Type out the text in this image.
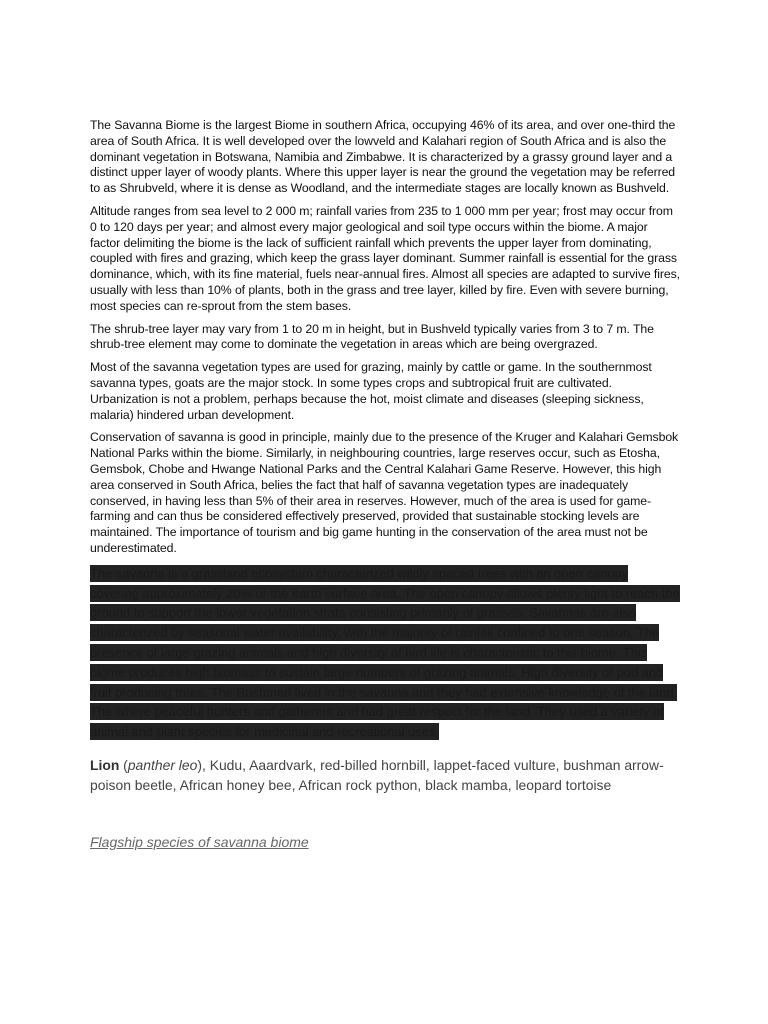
The Savanna Biome is the largest Biome in southern Africa, occupying 46% of its area, and over one-third the area of South Africa. It is well developed over the lowveld and Kalahari region of South Africa and is also the dominant vegetation in Botswana, Namibia and Zimbabwe. It is characterized by a grassy ground layer and a distinct upper layer of woody plants. Where this upper layer is near the ground the vegetation may be referred to as Shrubveld, where it is dense as Woodland, and the intermediate stages are locally known as Bushveld.

Altitude ranges from sea level to 2 000 m; rainfall varies from 235 to 1 000 mm per year; frost may occur from 0 to 120 days per year; and almost every major geological and soil type occurs within the biome. A major factor delimiting the biome is the lack of sufficient rainfall which prevents the upper layer from dominating, coupled with fires and grazing, which keep the grass layer dominant. Summer rainfall is essential for the grass dominance, which, with its fine material, fuels near-annual fires. Almost all species are adapted to survive fires, usually with less than 10% of plants, both in the grass and tree layer, killed by fire. Even with severe burning, most species can re-sprout from the stem bases.

The shrub-tree layer may vary from 1 to 20 m in height, but in Bushveld typically varies from 3 to 7 m. The shrub-tree element may come to dominate the vegetation in areas which are being overgrazed.

Most of the savanna vegetation types are used for grazing, mainly by cattle or game. In the southernmost savanna types, goats are the major stock. In some types crops and subtropical fruit are cultivated. Urbanization is not a problem, perhaps because the hot, moist climate and diseases (sleeping sickness, malaria) hindered urban development.

Conservation of savanna is good in principle, mainly due to the presence of the Kruger and Kalahari Gemsbok National Parks within the biome. Similarly, in neighbouring countries, large reserves occur, such as Etosha, Gemsbok, Chobe and Hwange National Parks and the Central Kalahari Game Reserve. However, this high area conserved in South Africa, belies the fact that half of savanna vegetation types are inadequately conserved, in having less than 5% of their area in reserves. However, much of the area is used for game-farming and can thus be considered effectively preserved, provided that sustainable stocking levels are maintained. The importance of tourism and big game hunting in the conservation of the area must not be underestimated.

The savanna is a grassland ecosystem characterized wildly spaced trees with an open canopy covering approximately 20% or the earth surface area. The open canopy allows plenty light to reach the ground to support the lower vegetation strata consisting primarily of grasses. Savannas are also characterized by seasonal water availability, with the majority of rainfall confined to one season. The presence of large grazing animals and high diversity of bird life is characteristic to this biome. This biome produces high biomass to sustain large numbers of grazing animals. High diversity of pod and fruit producing trees. The Bushmen lived in the savanna and they had extensive knowledge of the land. The where peaceful hunters and gatherers and had great respect for the land. They used a variety of animal and plant species for medicinal and recreational uses.
Lion (panther leo), Kudu, Aaardvark, red-billed hornbill, lappet-faced vulture, bushman arrow-poison beetle, African honey bee, African rock python, black mamba, leopard tortoise
Flagship species of savanna biome
